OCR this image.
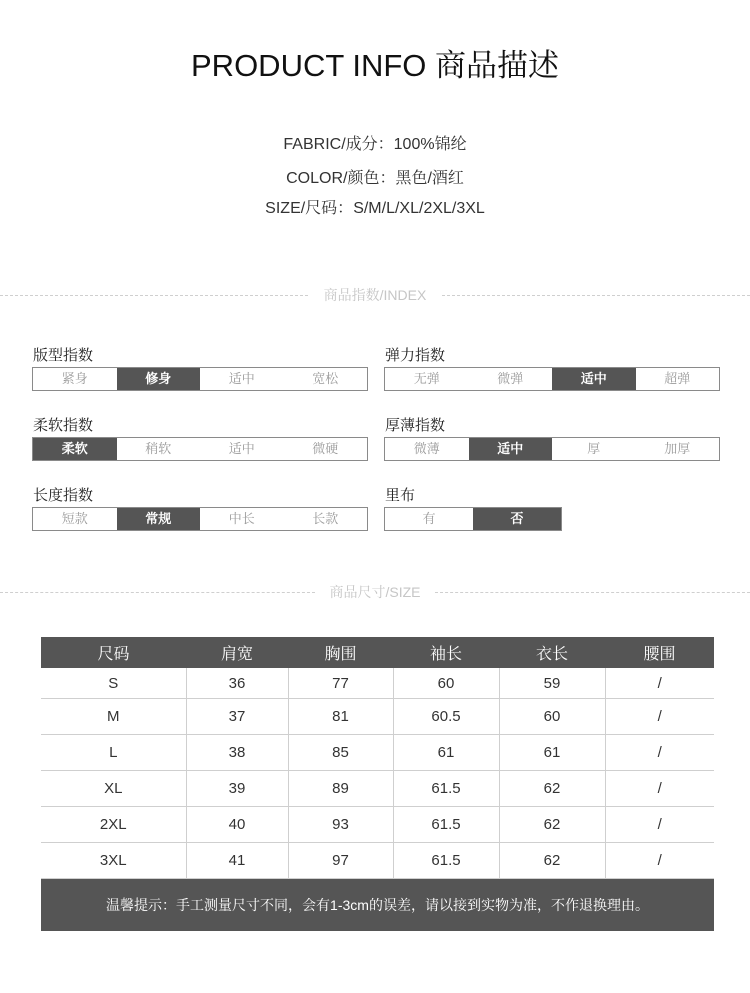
PRODUCT INFO 商品描述
FABRIC/成分：100%锦纶
COLOR/颜色：黑色/酒红
SIZE/尺码：S/M/L/XL/2XL/3XL
商品指数/INDEX
版型指数
紧身	修身	适中	宽松
弹力指数
无弹	微弹	适中	超弹
柔软指数
柔软	稍软	适中	微硬
厚薄指数
微薄	适中	厚	加厚
长度指数
短款	常规	中长	长款
里布
有	否
商品尺寸/SIZE
尺码	肩宽	胸围	袖长	衣长	腰围
S	36	77	60	59	/
M	37	81	60.5	60	/
L	38	85	61	61	/
XL	39	89	61.5	62	/
2XL	40	93	61.5	62	/
3XL	41	97	61.5	62	/
温馨提示：手工测量尺寸不同，会有1-3cm的误差，请以接到实物为准，不作退换理由。
